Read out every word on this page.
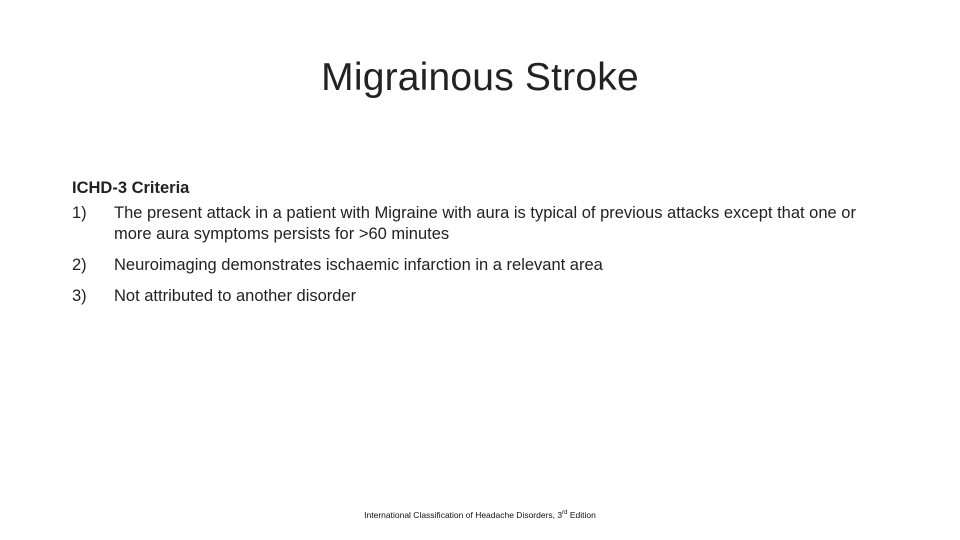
Migrainous Stroke
ICHD-3 Criteria
1)	The present attack in a patient with Migraine with aura is typical of previous attacks except that one or more aura symptoms persists for >60 minutes
2)	Neuroimaging demonstrates ischaemic infarction in a relevant area
3)	Not attributed to another disorder
International Classification of Headache Disorders, 3rd Edition
